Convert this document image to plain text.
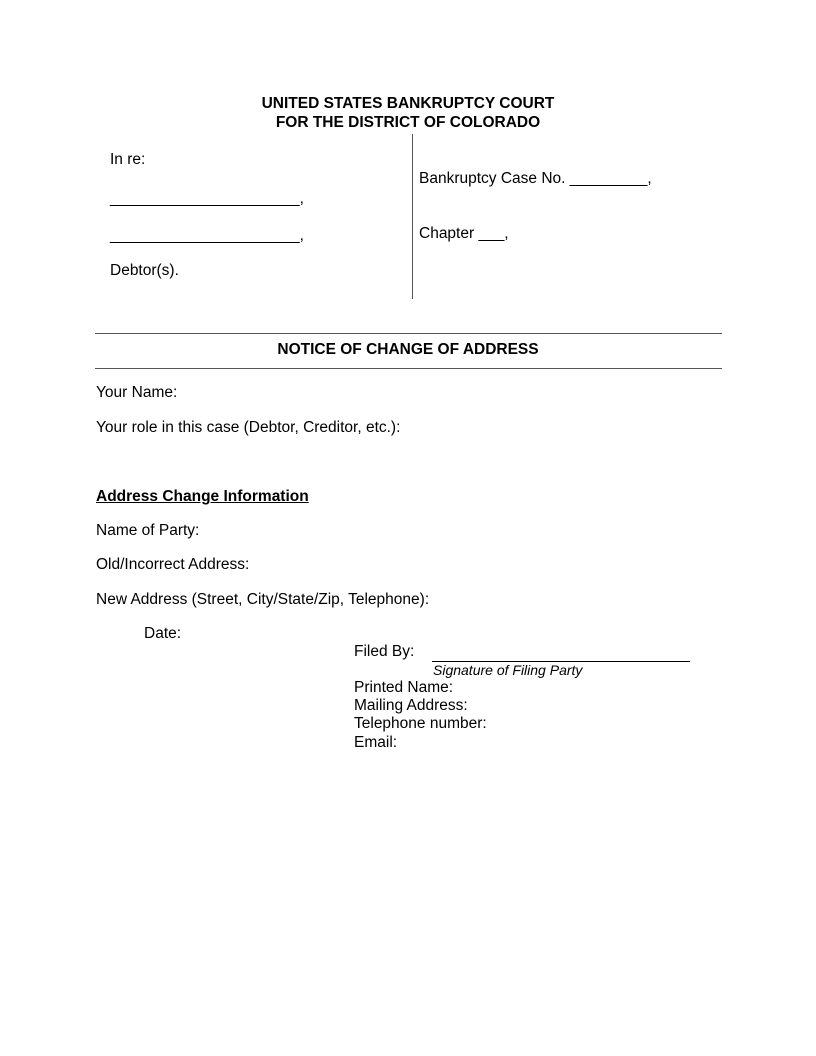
UNITED STATES BANKRUPTCY COURT
FOR THE DISTRICT OF COLORADO
In re:
______________________,
______________________,
Debtor(s).
Bankruptcy Case No. _________,
Chapter ___,
NOTICE OF CHANGE OF ADDRESS
Your Name:
Your role in this case (Debtor, Creditor, etc.):
Address Change Information
Name of Party:
Old/Incorrect Address:
New Address (Street, City/State/Zip, Telephone):
Date:
Filed By:
Signature of Filing Party
Printed Name:
Mailing Address:
Telephone number:
Email:
